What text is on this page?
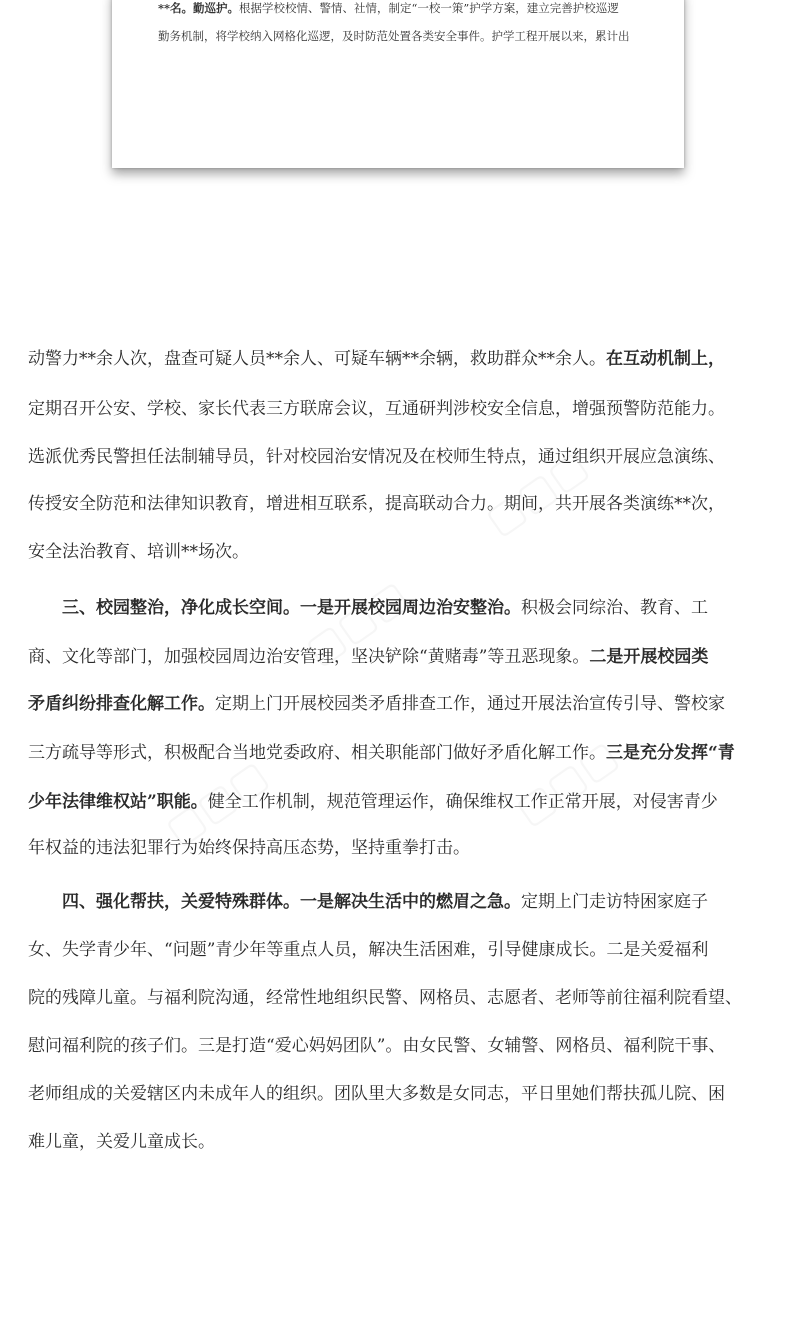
**名。勤巡护。根据学校校情、警情、社情，制定“一校一策”护学方案，建立完善护校巡逻
勤务机制，将学校纳入网格化巡逻，及时防范处置各类安全事件。护学工程开展以来，累计出
动警力**余人次，盘查可疑人员**余人、可疑车辆**余辆，救助群众**余人。在互动机制上，
定期召开公安、学校、家长代表三方联席会议，互通研判涉校安全信息，增强预警防范能力。
选派优秀民警担任法制辅导员，针对校园治安情况及在校师生特点，通过组织开展应急演练、
传授安全防范和法律知识教育，增进相互联系，提高联动合力。期间，共开展各类演练**次，
安全法治教育、培训**场次。
三、校园整治，净化成长空间。一是开展校园周边治安整治。积极会同综治、教育、工
商、文化等部门，加强校园周边治安管理，坚决铲除“黄赌毒”等丑恶现象。二是开展校园类
矛盾纠纷排查化解工作。定期上门开展校园类矛盾排查工作，通过开展法治宣传引导、警校家
三方疏导等形式，积极配合当地党委政府、相关职能部门做好矛盾化解工作。三是充分发挥“青
少年法律维权站”职能。健全工作机制，规范管理运作，确保维权工作正常开展，对侵害青少
年权益的违法犯罪行为始终保持高压态势，坚持重拳打击。
四、强化帮扶，关爱特殊群体。一是解决生活中的燃眉之急。定期上门走访特困家庭子
女、失学青少年、“问题”青少年等重点人员，解决生活困难，引导健康成长。二是关爱福利
院的残障儿童。与福利院沟通，经常性地组织民警、网格员、志愿者、老师等前往福利院看望、
慰问福利院的孩子们。三是打造“爱心妈妈团队”。由女民警、女辅警、网格员、福利院干事、
老师组成的关爱辖区内未成年人的组织。团队里大多数是女同志，平日里她们帮扶孤儿院、困
难儿童，关爱儿童成长。
